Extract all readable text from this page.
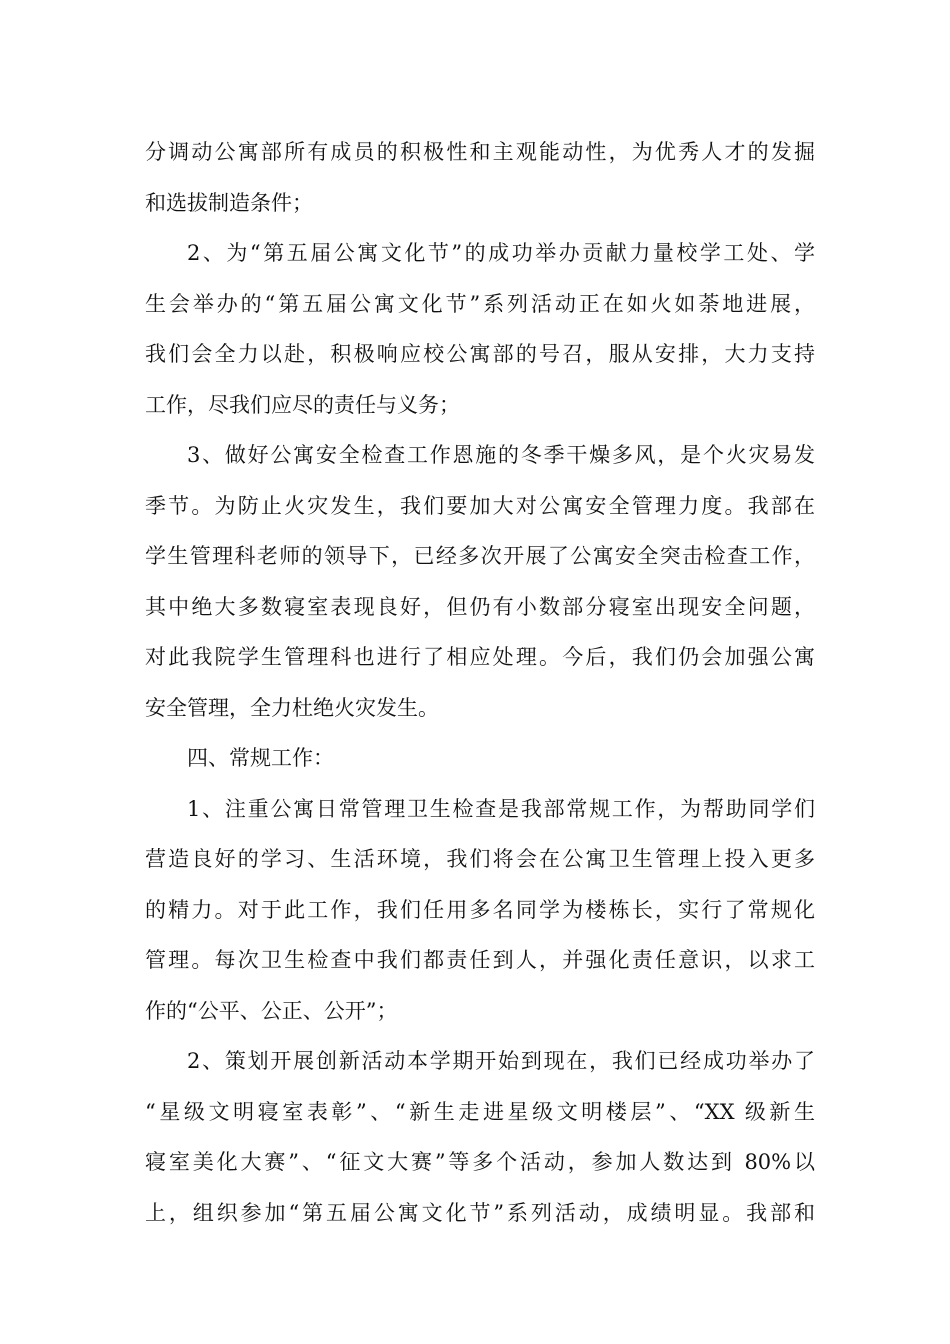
分调动公寓部所有成员的积极性和主观能动性，为优秀人才的发掘
和选拔制造条件；
2、为“第五届公寓文化节”的成功举办贡献力量校学工处、学
生会举办的“第五届公寓文化节”系列活动正在如火如荼地进展，
我们会全力以赴，积极响应校公寓部的号召，服从安排，大力支持
工作，尽我们应尽的责任与义务；
3、做好公寓安全检查工作恩施的冬季干燥多风，是个火灾易发
季节。为防止火灾发生，我们要加大对公寓安全管理力度。我部在
学生管理科老师的领导下，已经多次开展了公寓安全突击检查工作，
其中绝大多数寝室表现良好，但仍有小数部分寝室出现安全问题，
对此我院学生管理科也进行了相应处理。今后，我们仍会加强公寓
安全管理，全力杜绝火灾发生。
四、常规工作：
1、注重公寓日常管理卫生检查是我部常规工作，为帮助同学们
营造良好的学习、生活环境，我们将会在公寓卫生管理上投入更多
的精力。对于此工作，我们任用多名同学为楼栋长，实行了常规化
管理。每次卫生检查中我们都责任到人，并强化责任意识，以求工
作的“公平、公正、公开”；
2、策划开展创新活动本学期开始到现在，我们已经成功举办了
“星级文明寝室表彰”、“新生走进星级文明楼层”、“XX 级新生
寝室美化大赛”、“征文大赛”等多个活动，参加人数达到 80%以
上，组织参加“第五届公寓文化节”系列活动，成绩明显。我部和
